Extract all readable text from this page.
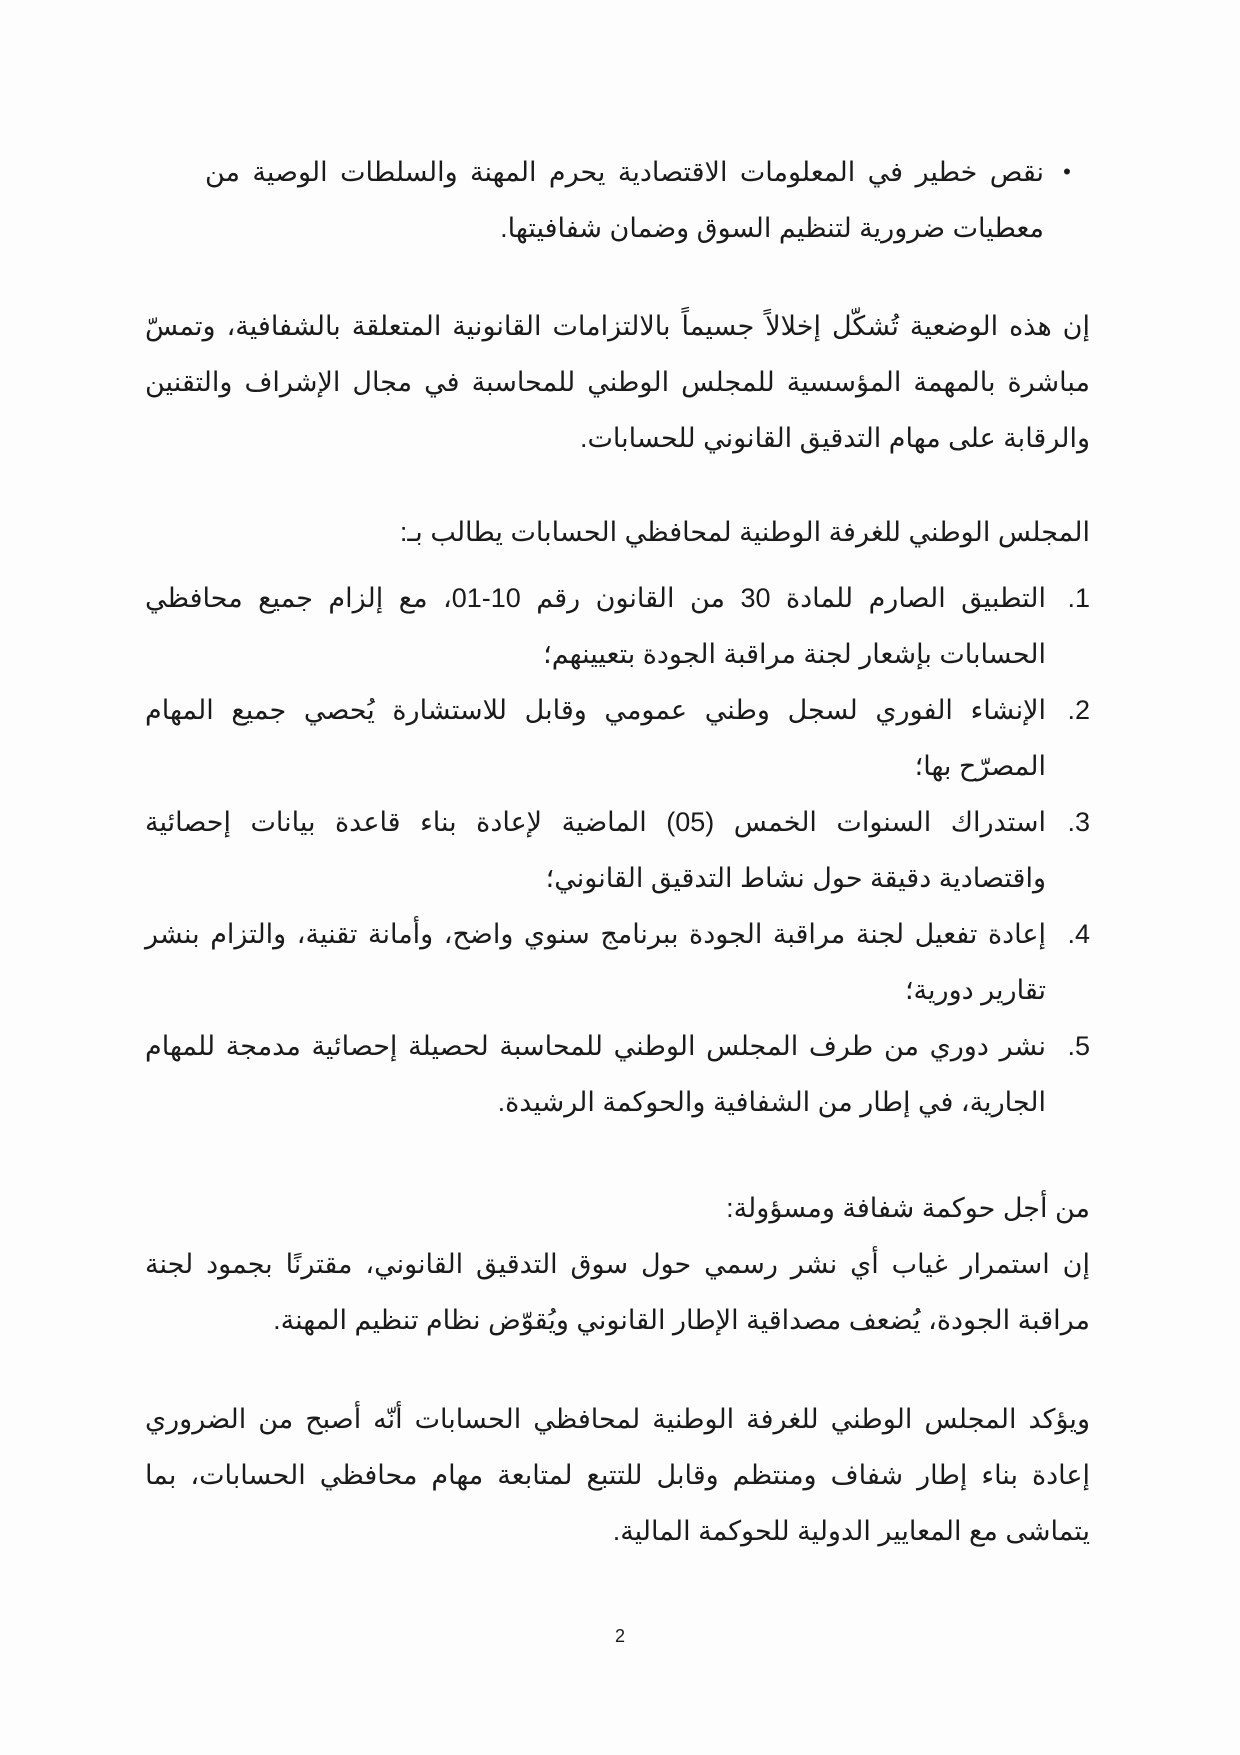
•
نقص خطير في المعلومات الاقتصادية يحرم المهنة والسلطات الوصية من معطيات ضرورية لتنظيم السوق وضمان شفافيتها.

إن هذه الوضعية تُشكّل إخلالاً جسيماً بالالتزامات القانونية المتعلقة بالشفافية، وتمسّ مباشرة بالمهمة المؤسسية للمجلس الوطني للمحاسبة في مجال الإشراف والتقنين والرقابة على مهام التدقيق القانوني للحسابات.

المجلس الوطني للغرفة الوطنية لمحافظي الحسابات يطالب بـ:

1.
التطبيق الصارم للمادة 30 من القانون رقم 10-01، مع إلزام جميع محافظي الحسابات بإشعار لجنة مراقبة الجودة بتعيينهم؛
2.
الإنشاء الفوري لسجل وطني عمومي وقابل للاستشارة يُحصي جميع المهام المصرّح بها؛
3.
استدراك السنوات الخمس (05) الماضية لإعادة بناء قاعدة بيانات إحصائية واقتصادية دقيقة حول نشاط التدقيق القانوني؛
4.
إعادة تفعيل لجنة مراقبة الجودة ببرنامج سنوي واضح، وأمانة تقنية، والتزام بنشر تقارير دورية؛
5.
نشر دوري من طرف المجلس الوطني للمحاسبة لحصيلة إحصائية مدمجة للمهام الجارية، في إطار من الشفافية والحوكمة الرشيدة.

من أجل حوكمة شفافة ومسؤولة:

إن استمرار غياب أي نشر رسمي حول سوق التدقيق القانوني، مقترنًا بجمود لجنة مراقبة الجودة، يُضعف مصداقية الإطار القانوني ويُقوّض نظام تنظيم المهنة.

ويؤكد المجلس الوطني للغرفة الوطنية لمحافظي الحسابات أنّه أصبح من الضروري إعادة بناء إطار شفاف ومنتظم وقابل للتتبع لمتابعة مهام محافظي الحسابات، بما يتماشى مع المعايير الدولية للحوكمة المالية.

2
